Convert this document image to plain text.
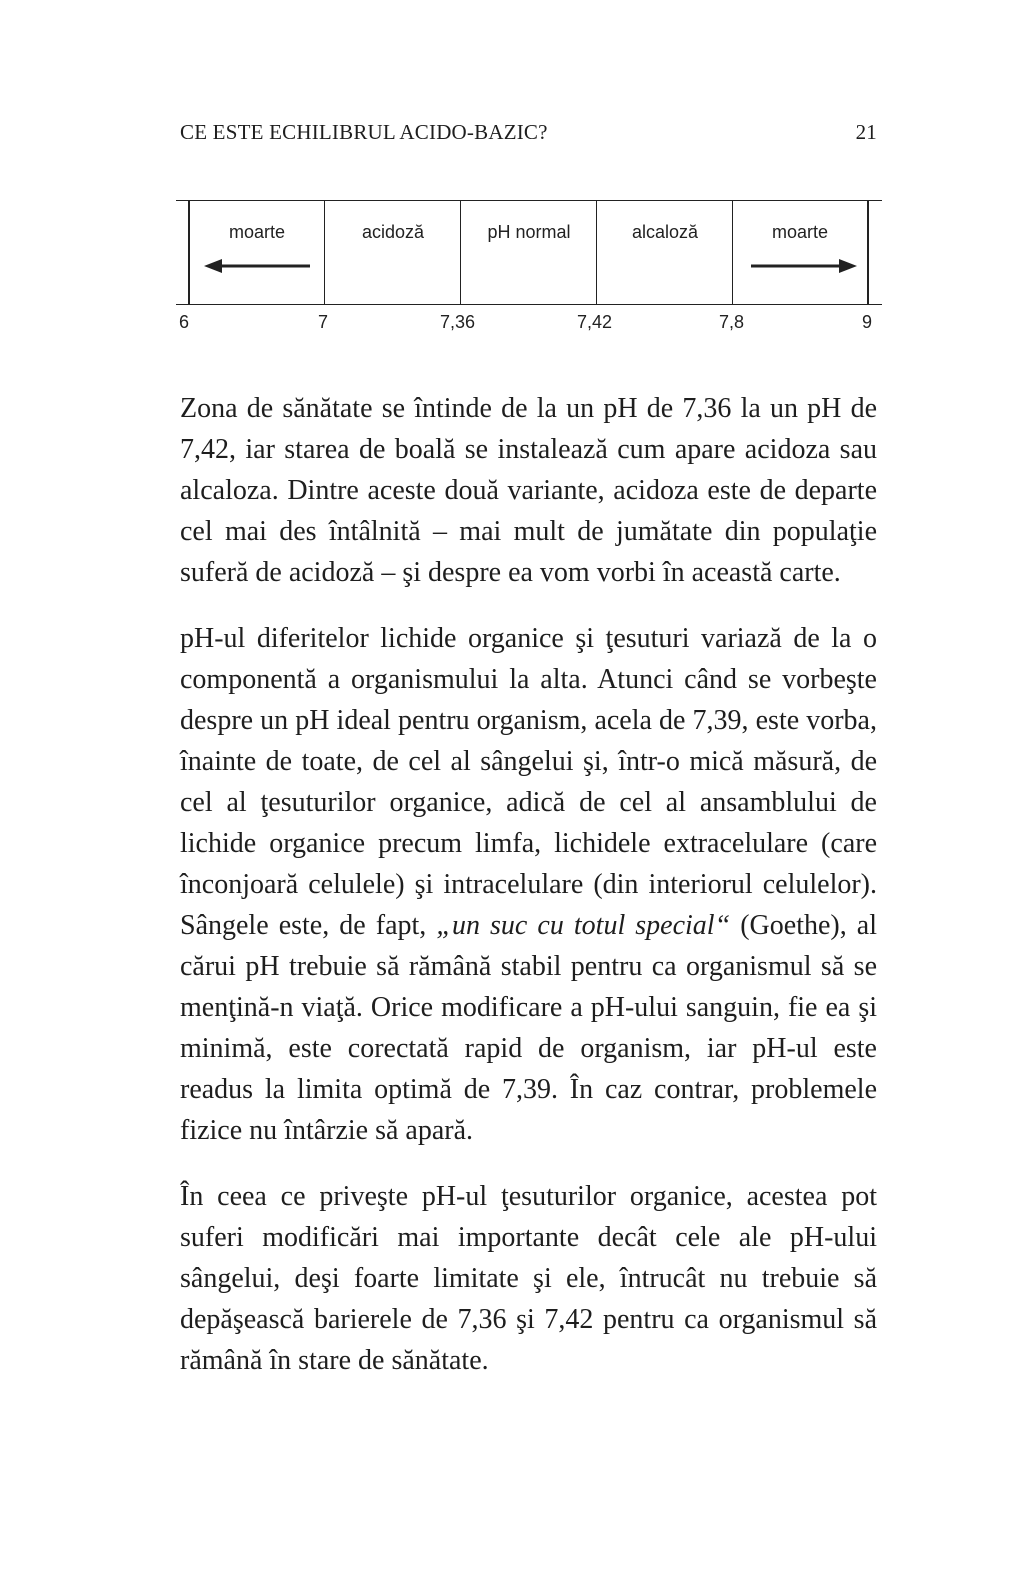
CE ESTE ECHILIBRUL ACIDO-BAZIC?	21
moarte	acidoză	pH normal	alcaloză	moarte
6	7	7,36	7,42	7,8	9

Zona de sănătate se întinde de la un pH de 7,36 la un pH de 7,42, iar starea de boală se instalează cum apare acidoza sau alcaloza. Dintre aceste două variante, acidoza este de departe cel mai des întâlnită – mai mult de jumătate din populaţie suferă de acidoză – şi despre ea vom vorbi în această carte.

pH-ul diferitelor lichide organice şi ţesuturi variază de la o componentă a organismului la alta. Atunci când se vorbeşte despre un pH ideal pentru organism, acela de 7,39, este vorba, înainte de toate, de cel al sângelui şi, într-o mică măsură, de cel al ţesuturilor organice, adică de cel al ansamblului de lichide organice precum limfa, lichidele extracelulare (care înconjoară celulele) şi intracelulare (din interiorul celulelor). Sângele este, de fapt, „un suc cu totul special“ (Goethe), al cărui pH trebuie să rămână stabil pentru ca organismul să se menţină-n viaţă. Orice modificare a pH-ului sanguin, fie ea şi minimă, este corectată rapid de organism, iar pH-ul este readus la limita optimă de 7,39. În caz contrar, problemele fizice nu întârzie să apară.

În ceea ce priveşte pH-ul ţesuturilor organice, acestea pot suferi modificări mai importante decât cele ale pH-ului sângelui, deşi foarte limitate şi ele, întrucât nu trebuie să depăşească barierele de 7,36 şi 7,42 pentru ca organismul să rămână în stare de sănătate.
